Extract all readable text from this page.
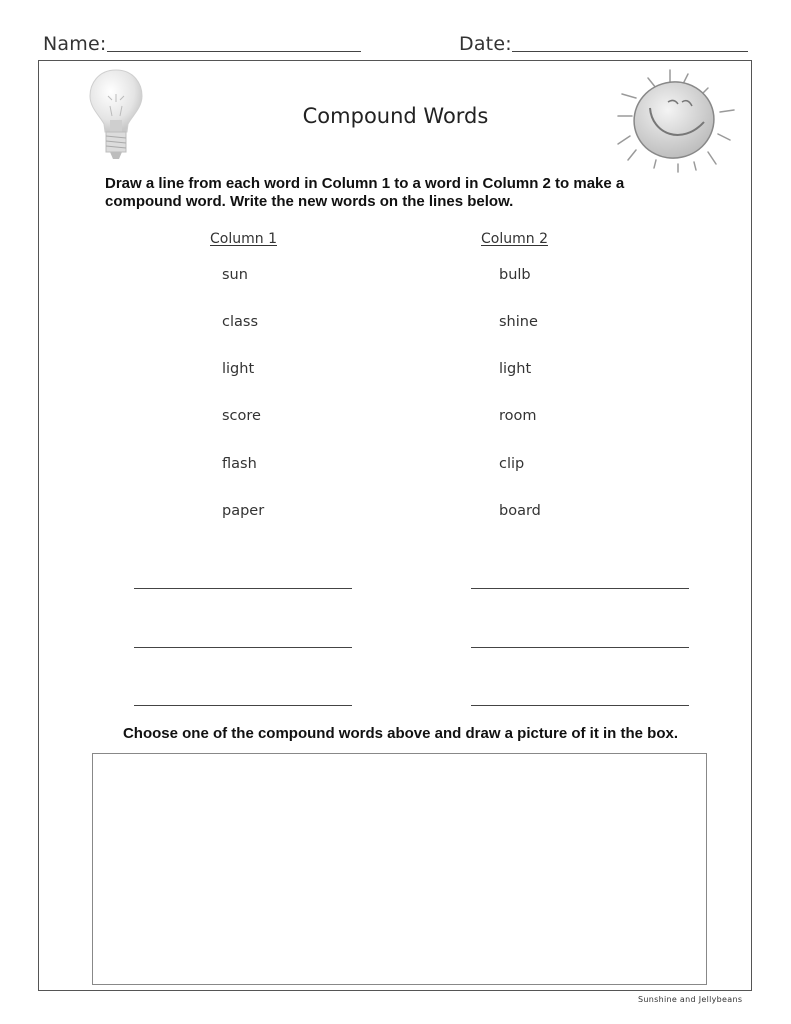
Name:	Date:
Compound Words
Draw a line from each word in Column 1 to a word in Column 2 to make a
compound word. Write the new words on the lines below.
Column 1	Column 2
sun
class
light
score
flash
paper
bulb
shine
light
room
clip
board
Choose one of the compound words above and draw a picture of it in the box.
Sunshine and Jellybeans
